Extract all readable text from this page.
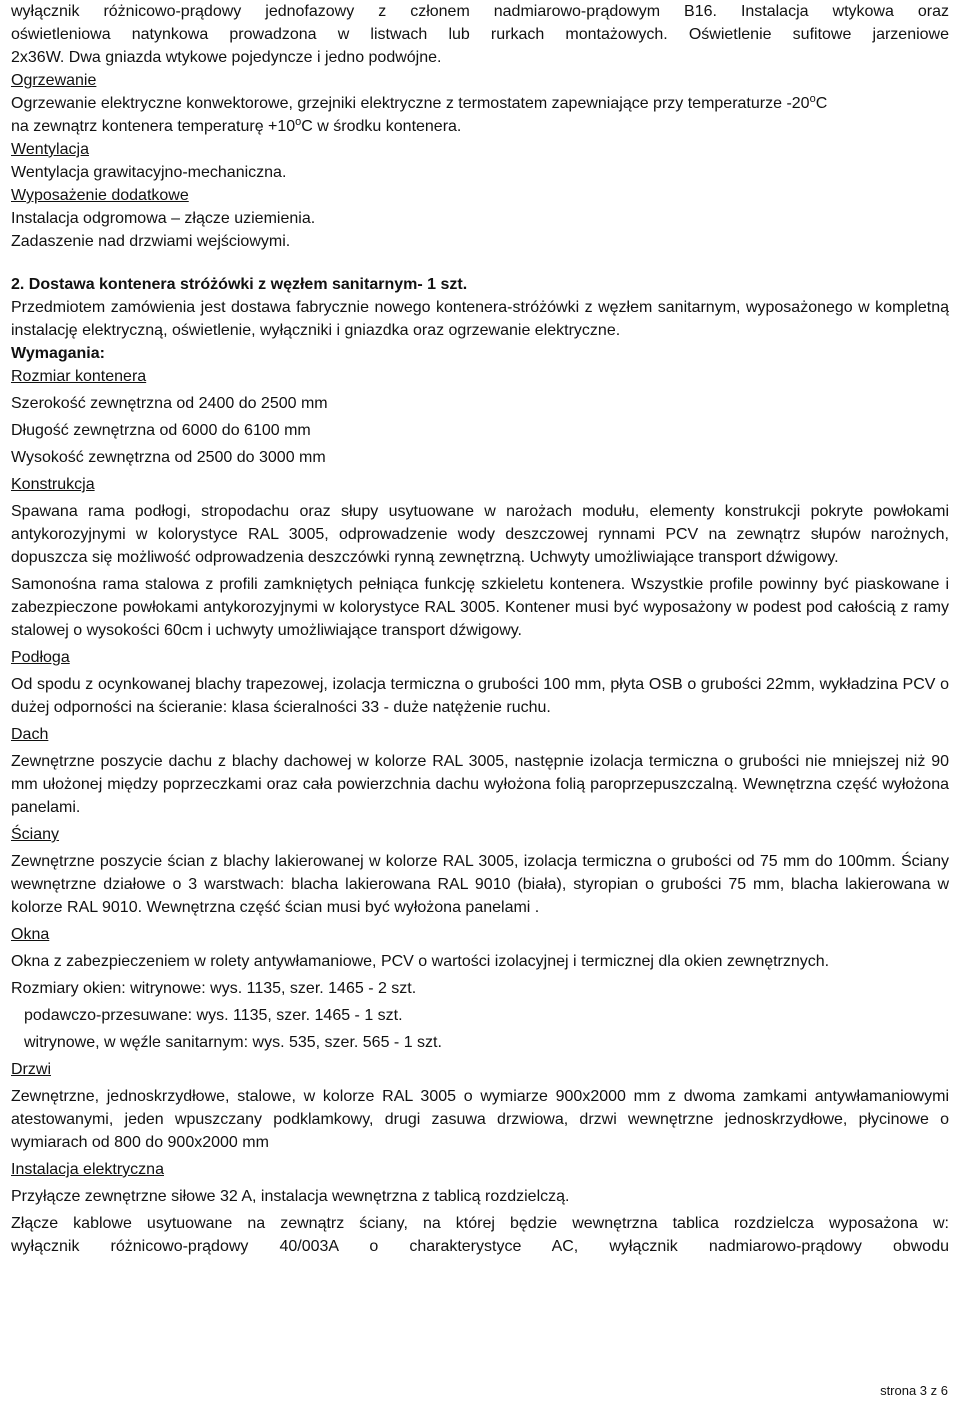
wyłącznik różnicowo-prądowy jednofazowy z członem nadmiarowo-prądowym B16. Instalacja wtykowa oraz

oświetleniowa natynkowa prowadzona w listwach lub rurkach montażowych. Oświetlenie sufitowe jarzeniowe

2x36W. Dwa gniazda wtykowe pojedyncze i jedno podwójne.

Ogrzewanie

Ogrzewanie elektryczne konwektorowe, grzejniki elektryczne z termostatem zapewniające przy temperaturze -20$^o$C

na zewnątrz kontenera temperaturę $+10^oC$ w środku kontenera.

Wentylacja

Wentylacja grawitacyjno-mechaniczna.

Wyposażenie dodatkowe

Instalacja odgromowa – złącze uziemienia.

Zadaszenie nad drzwiami wejściowymi.

2. Dostawa kontenera stróżówki z węzłem sanitarnym- 1 szt.

Przedmiotem zamówienia jest dostawa fabrycznie nowego kontenera-stróżówki z węzłem sanitarnym, wyposażonego w kompletną instalację elektryczną, oświetlenie, wyłączniki i gniazdka oraz ogrzewanie elektryczne.

Wymagania:

Rozmiar kontenera

Szerokość zewnętrzna od 2400 do 2500 mm

Długość zewnętrzna od 6000 do 6100 mm

Wysokość zewnętrzna od 2500 do 3000 mm

Konstrukcja

Spawana rama podłogi, stropodachu oraz słupy usytuowane w narożach modułu, elementy konstrukcji pokryte powłokami antykorozyjnymi w kolorystyce RAL 3005, odprowadzenie wody deszczowej rynnami PCV na zewnątrz słupów narożnych, dopuszcza się możliwość odprowadzenia deszczówki rynną zewnętrzną. Uchwyty umożliwiające transport dźwigowy.

Samonośna rama stalowa z profili zamkniętych pełniąca funkcję szkieletu kontenera. Wszystkie profile powinny być piaskowane i zabezpieczone powłokami antykorozyjnymi w kolorystyce RAL 3005. Kontener musi być wyposażony w podest pod całością z ramy stalowej o wysokości 60cm i uchwyty umożliwiające transport dźwigowy.

Podłoga

Od spodu z ocynkowanej blachy trapezowej, izolacja termiczna o grubości 100 mm, płyta OSB o grubości 22mm, wykładzina PCV o dużej odporności na ścieranie: klasa ścieralności 33 - duże natężenie ruchu.

Dach

Zewnętrzne poszycie dachu z blachy dachowej w kolorze RAL 3005, następnie izolacja termiczna o grubości nie mniejszej niż 90 mm ułożonej między poprzeczkami oraz cała powierzchnia dachu wyłożona folią paroprzepuszczalną. Wewnętrzna część wyłożona panelami.

Ściany

Zewnętrzne poszycie ścian z blachy lakierowanej w kolorze RAL 3005, izolacja termiczna o grubości od 75 mm do 100mm. Ściany wewnętrzne działowe o 3 warstwach: blacha lakierowana RAL 9010 (biała), styropian o grubości 75 mm, blacha lakierowana w kolorze RAL 9010. Wewnętrzna część ścian musi być wyłożona panelami .

Okna

Okna z zabezpieczeniem w rolety antywłamaniowe, PCV o wartości izolacyjnej i termicznej dla okien zewnętrznych.

Rozmiary okien: witrynowe: wys. 1135, szer. 1465 - 2 szt.

podawczo-przesuwane: wys. 1135, szer. 1465 - 1 szt.

witrynowe, w węźle sanitarnym: wys. 535, szer. 565 - 1 szt.

Drzwi

Zewnętrzne, jednoskrzydłowe, stalowe, w kolorze RAL 3005 o wymiarze 900x2000 mm z dwoma zamkami antywłamaniowymi atestowanymi, jeden wpuszczany podklamkowy, drugi zasuwa drzwiowa, drzwi wewnętrzne jednoskrzydłowe, płycinowe o wymiarach od 800 do 900x2000 mm

Instalacja elektryczna

Przyłącze zewnętrzne siłowe 32 A, instalacja wewnętrzna z tablicą rozdzielczą.

Złącze kablowe usytuowane na zewnątrz ściany, na której będzie wewnętrzna tablica rozdzielcza wyposażona w:

wyłącznik różnicowo-prądowy 40/003A o charakterystyce AC, wyłącznik nadmiarowo-prądowy obwodu

strona 3 z 6
